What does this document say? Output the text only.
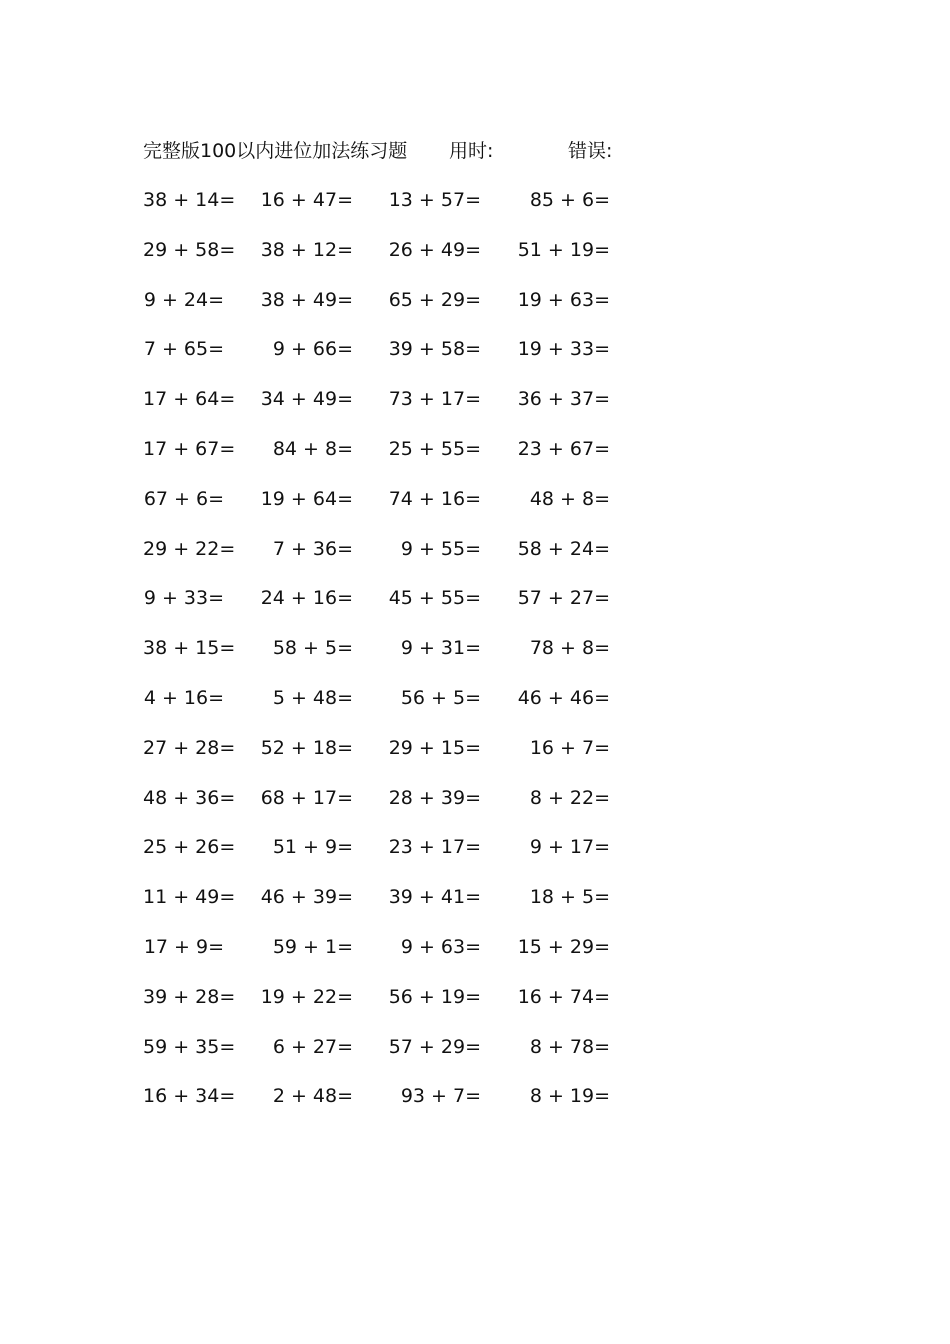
完整版100以内进位加法练习题 用时:	错误:
38 + 14= 16 + 47= 13 + 57=	85 + 6=
29 + 58= 38 + 12= 26 + 49= 51 + 19=
9 + 24= 38 + 49= 65 + 29= 19 + 63=
7 + 65=	9 + 66= 39 + 58= 19 + 33=
17 + 64= 34 + 49= 73 + 17= 36 + 37=
17 + 67= 84 + 8= 25 + 55= 23 + 67=
67 + 6= 19 + 64= 74 + 16=	48 + 8=
29 + 22= 7 + 36=	9 + 55= 58 + 24=
9 + 33= 24 + 16= 45 + 55= 57 + 27=
38 + 15= 58 + 5=	9 + 31=	78 + 8=
4 + 16=	5 + 48=	56 + 5= 46 + 46=
27 + 28= 52 + 18= 29 + 15=	16 + 7=
48 + 36= 68 + 17= 28 + 39=	8 + 22=
25 + 26= 51 + 9= 23 + 17=	9 + 17=
11 + 49= 46 + 39= 39 + 41=	18 + 5=
17 + 9=	59 + 1=	9 + 63= 15 + 29=
39 + 28= 19 + 22= 56 + 19= 16 + 74=
59 + 35= 6 + 27= 57 + 29=	8 + 78=
16 + 34= 2 + 48=	93 + 7=	8 + 19=
